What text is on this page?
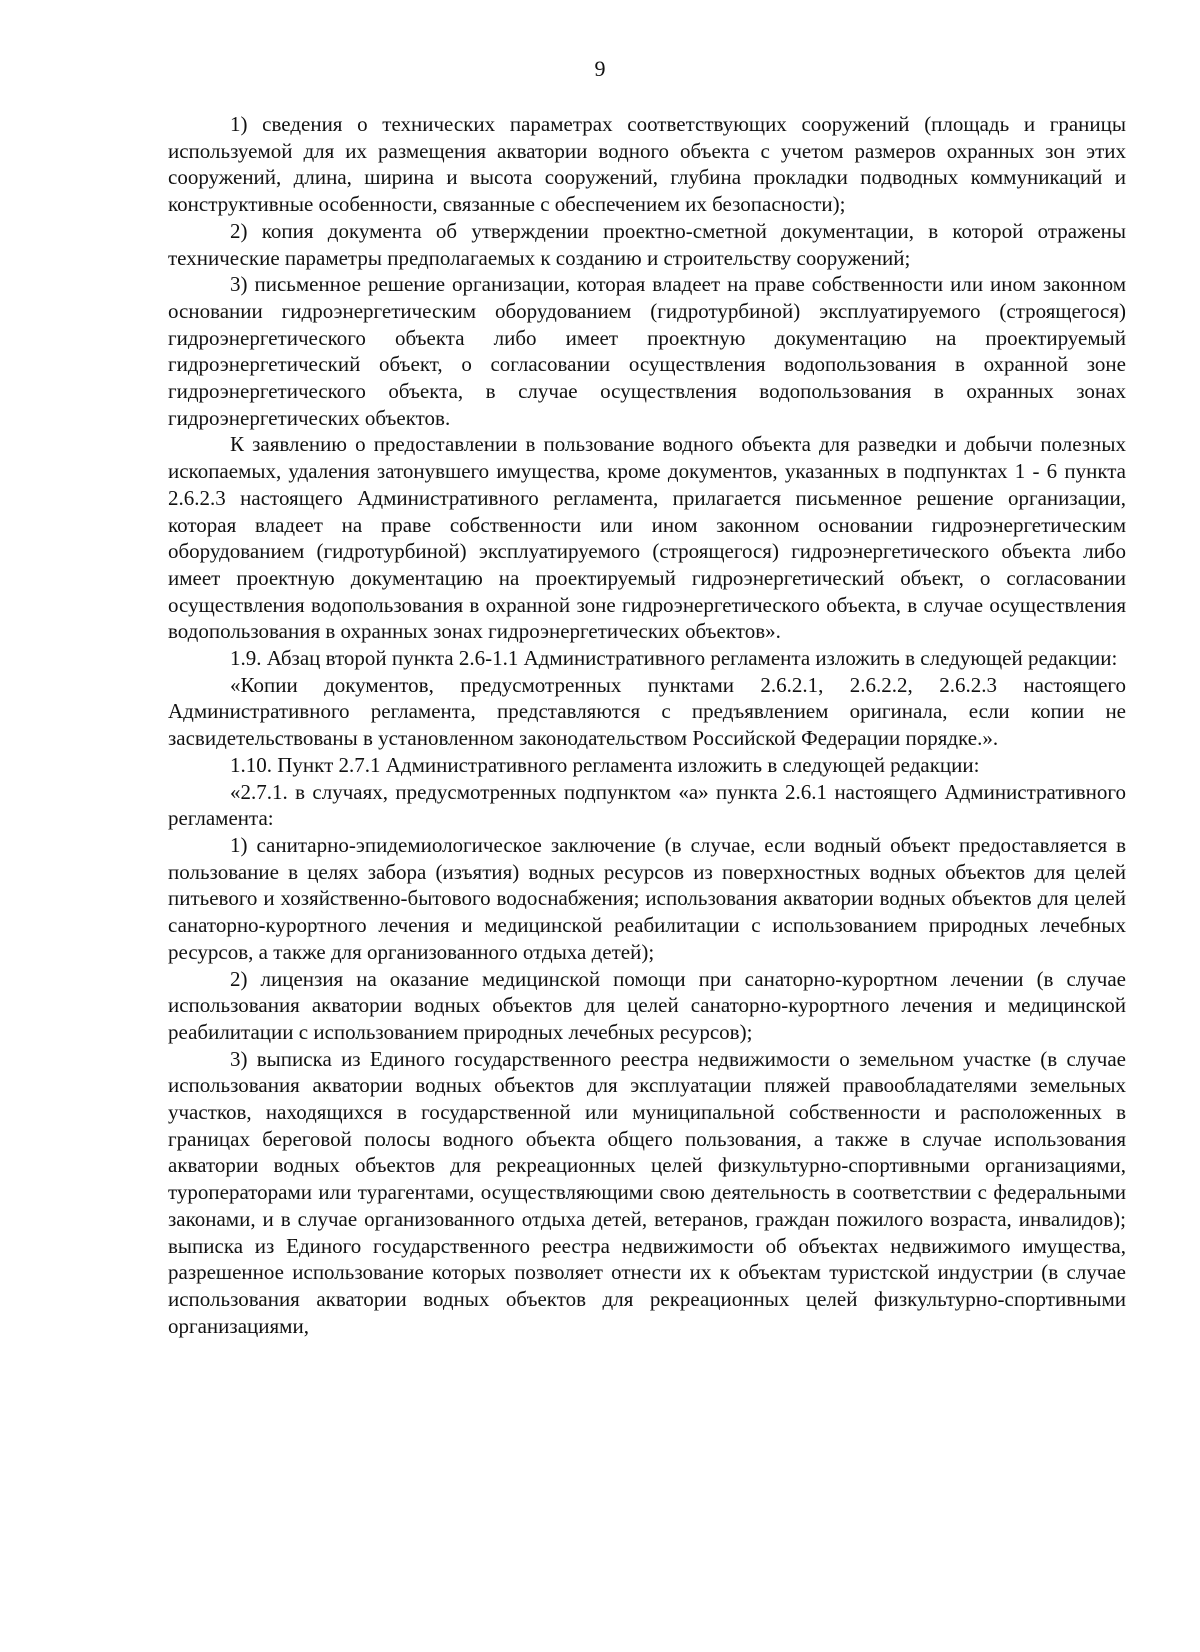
9

1) сведения о технических параметрах соответствующих сооружений (площадь и границы используемой для их размещения акватории водного объекта с учетом размеров охранных зон этих сооружений, длина, ширина и высота сооружений, глубина прокладки подводных коммуникаций и конструктивные особенности, связанные с обеспечением их безопасности);

2) копия документа об утверждении проектно-сметной документации, в которой отражены технические параметры предполагаемых к созданию и строительству сооружений;

3) письменное решение организации, которая владеет на праве собственности или ином законном основании гидроэнергетическим оборудованием (гидротурбиной) эксплуатируемого (строящегося) гидроэнергетического объекта либо имеет проектную документацию на проектируемый гидроэнергетический объект, о согласовании осуществления водопользования в охранной зоне гидроэнергетического объекта, в случае осуществления водопользования в охранных зонах гидроэнергетических объектов.

К заявлению о предоставлении в пользование водного объекта для разведки и добычи полезных ископаемых, удаления затонувшего имущества, кроме документов, указанных в подпунктах 1 - 6 пункта 2.6.2.3 настоящего Административного регламента, прилагается письменное решение организации, которая владеет на праве собственности или ином законном основании гидроэнергетическим оборудованием (гидротурбиной) эксплуатируемого (строящегося) гидроэнергетического объекта либо имеет проектную документацию на проектируемый гидроэнергетический объект, о согласовании осуществления водопользования в охранной зоне гидроэнергетического объекта, в случае осуществления водопользования в охранных зонах гидроэнергетических объектов».

1.9. Абзац второй пункта 2.6-1.1 Административного регламента изложить в следующей редакции:

«Копии документов, предусмотренных пунктами 2.6.2.1, 2.6.2.2, 2.6.2.3 настоящего Административного регламента, представляются с предъявлением оригинала, если копии не засвидетельствованы в установленном законодательством Российской Федерации порядке.».

1.10. Пункт 2.7.1 Административного регламента изложить в следующей редакции:

«2.7.1. в случаях, предусмотренных подпунктом «а» пункта 2.6.1 настоящего Административного регламента:

1) санитарно-эпидемиологическое заключение (в случае, если водный объект предоставляется в пользование в целях забора (изъятия) водных ресурсов из поверхностных водных объектов для целей питьевого и хозяйственно-бытового водоснабжения; использования акватории водных объектов для целей санаторно-курортного лечения и медицинской реабилитации с использованием природных лечебных ресурсов, а также для организованного отдыха детей);

2) лицензия на оказание медицинской помощи при санаторно-курортном лечении (в случае использования акватории водных объектов для целей санаторно-курортного лечения и медицинской реабилитации с использованием природных лечебных ресурсов);

3) выписка из Единого государственного реестра недвижимости о земельном участке (в случае использования акватории водных объектов для эксплуатации пляжей правообладателями земельных участков, находящихся в государственной или муниципальной собственности и расположенных в границах береговой полосы водного объекта общего пользования, а также в случае использования акватории водных объектов для рекреационных целей физкультурно-спортивными организациями, туроператорами или турагентами, осуществляющими свою деятельность в соответствии с федеральными законами, и в случае организованного отдыха детей, ветеранов, граждан пожилого возраста, инвалидов); выписка из Единого государственного реестра недвижимости об объектах недвижимого имущества, разрешенное использование которых позволяет отнести их к объектам туристской индустрии (в случае использования акватории водных объектов для рекреационных целей физкультурно-спортивными организациями,
